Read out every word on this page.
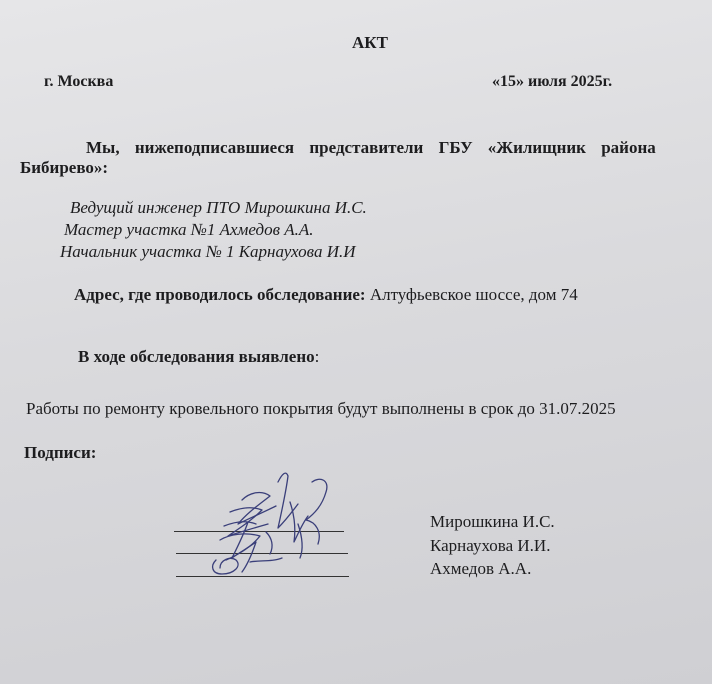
АКТ
г. Москва	«15» июля 2025г.
Мы, нижеподписавшиеся представители ГБУ «Жилищник района
Бибирево»:
Ведущий инженер ПТО Мирошкина И.С.
Мастер участка №1 Ахмедов А.А.
Начальник участка № 1 Карнаухова И.И
Адрес, где проводилось обследование: Алтуфьевское шоссе, дом 74
В ходе обследования выявлено:
Работы по ремонту кровельного покрытия будут выполнены в срок до 31.07.2025
Подписи:
Мирошкина И.С.
Карнаухова И.И.
Ахмедов А.А.
